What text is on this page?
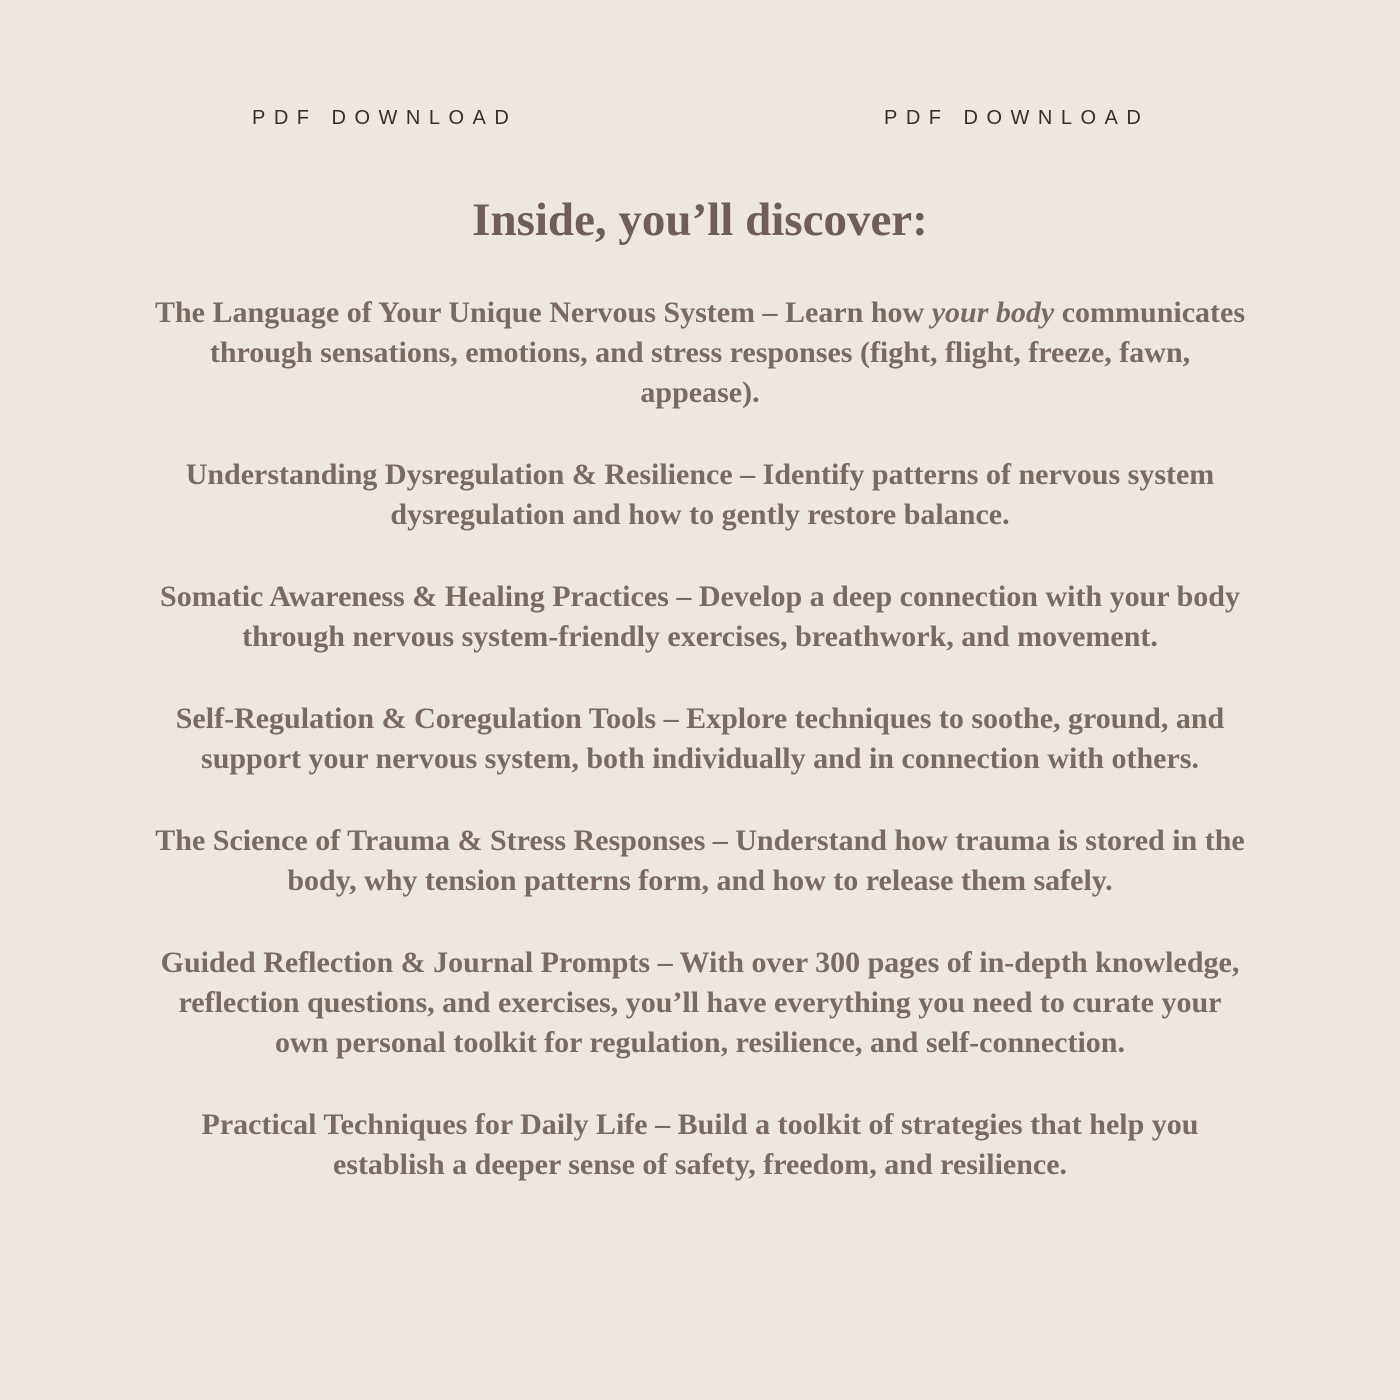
PDF DOWNLOAD	PDF DOWNLOAD
Inside, you’ll discover:

The Language of Your Unique Nervous System – Learn how your body communicates through sensations, emotions, and stress responses (fight, flight, freeze, fawn, appease).

Understanding Dysregulation & Resilience – Identify patterns of nervous system dysregulation and how to gently restore balance.

Somatic Awareness & Healing Practices – Develop a deep connection with your body through nervous system-friendly exercises, breathwork, and movement.

Self-Regulation & Coregulation Tools – Explore techniques to soothe, ground, and support your nervous system, both individually and in connection with others.

The Science of Trauma & Stress Responses – Understand how trauma is stored in the body, why tension patterns form, and how to release them safely.

Guided Reflection & Journal Prompts – With over 300 pages of in-depth knowledge, reflection questions, and exercises, you’ll have everything you need to curate your own personal toolkit for regulation, resilience, and self-connection.

Practical Techniques for Daily Life – Build a toolkit of strategies that help you establish a deeper sense of safety, freedom, and resilience.
